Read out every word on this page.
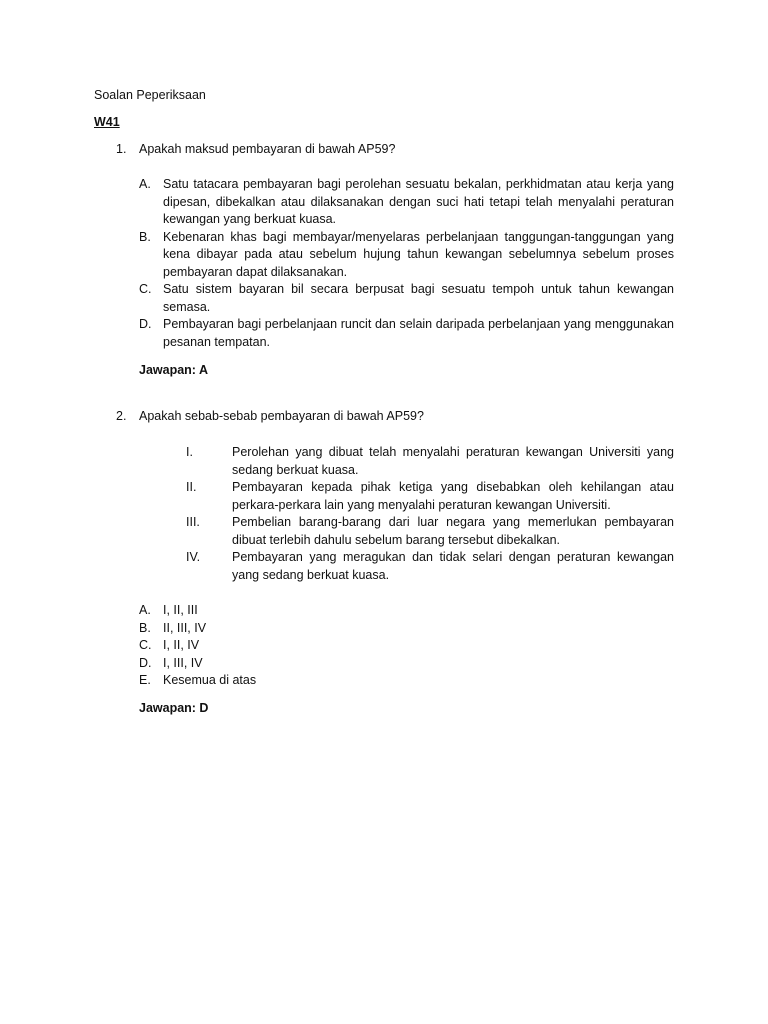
Soalan Peperiksaan
W41
1. Apakah maksud pembayaran di bawah AP59?
A. Satu tatacara pembayaran bagi perolehan sesuatu bekalan, perkhidmatan atau kerja yang dipesan, dibekalkan atau dilaksanakan dengan suci hati tetapi telah menyalahi peraturan kewangan yang berkuat kuasa.
B. Kebenaran khas bagi membayar/menyelaras perbelanjaan tanggungan-tanggungan yang kena dibayar pada atau sebelum hujung tahun kewangan sebelumnya sebelum proses pembayaran dapat dilaksanakan.
C. Satu sistem bayaran bil secara berpusat bagi sesuatu tempoh untuk tahun kewangan semasa.
D. Pembayaran bagi perbelanjaan runcit dan selain daripada perbelanjaan yang menggunakan pesanan tempatan.
Jawapan: A
2. Apakah sebab-sebab pembayaran di bawah AP59?
I.	Perolehan yang dibuat telah menyalahi peraturan kewangan Universiti yang sedang berkuat kuasa.
II.	Pembayaran kepada pihak ketiga yang disebabkan oleh kehilangan atau perkara-perkara lain yang menyalahi peraturan kewangan Universiti.
III.	Pembelian barang-barang dari luar negara yang memerlukan pembayaran dibuat terlebih dahulu sebelum barang tersebut dibekalkan.
IV.	Pembayaran yang meragukan dan tidak selari dengan peraturan kewangan yang sedang berkuat kuasa.
A. I, II, III
B. II, III, IV
C. I, II, IV
D. I, III, IV
E. Kesemua di atas
Jawapan: D
